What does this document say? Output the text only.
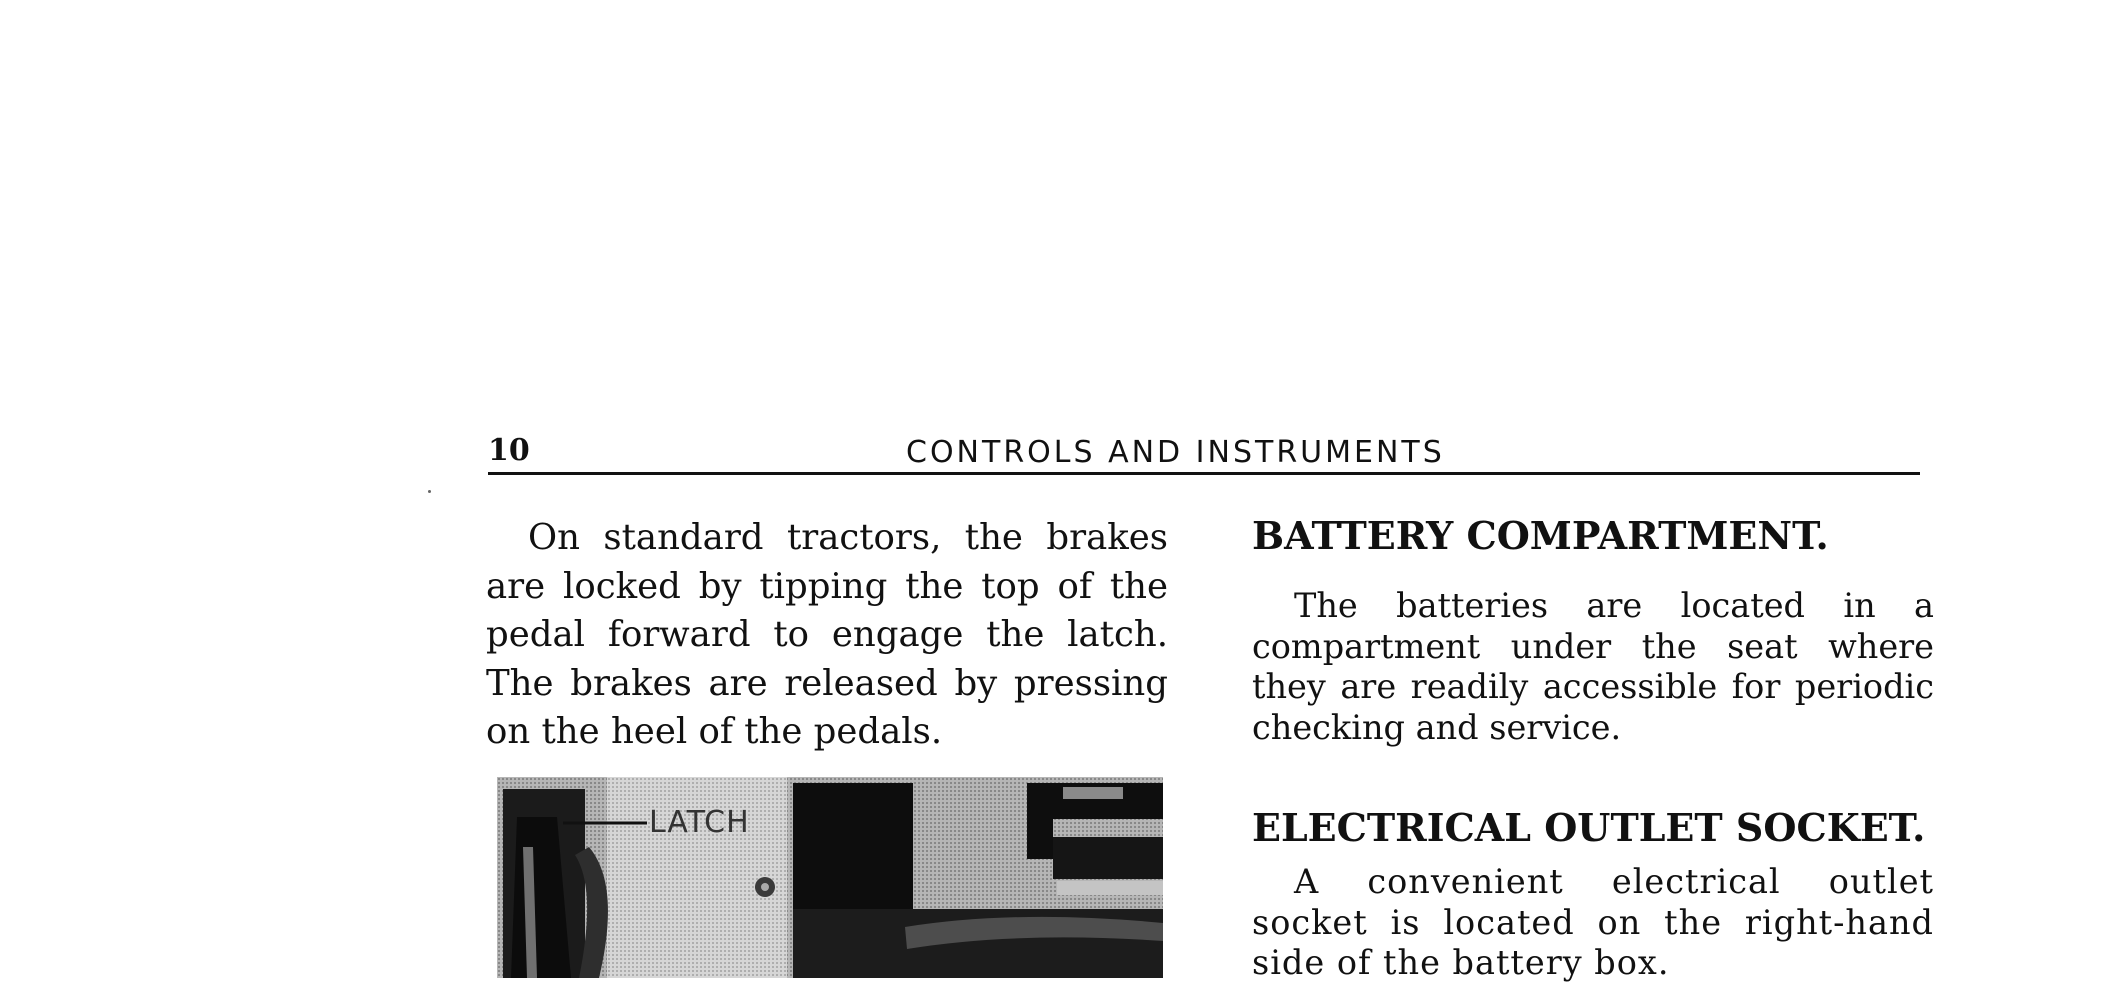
10	CONTROLS AND INSTRUMENTS

On standard tractors, the brakes are locked by tipping the top of the pedal forward to engage the latch. The brakes are released by pressing on the heel of the pedals.

LATCH
BATTERY COMPARTMENT.

The batteries are located in a compartment under the seat where they are readily accessible for periodic checking and service.

ELECTRICAL OUTLET SOCKET.

A convenient electrical outlet socket is located on the right-hand side of the battery box.
